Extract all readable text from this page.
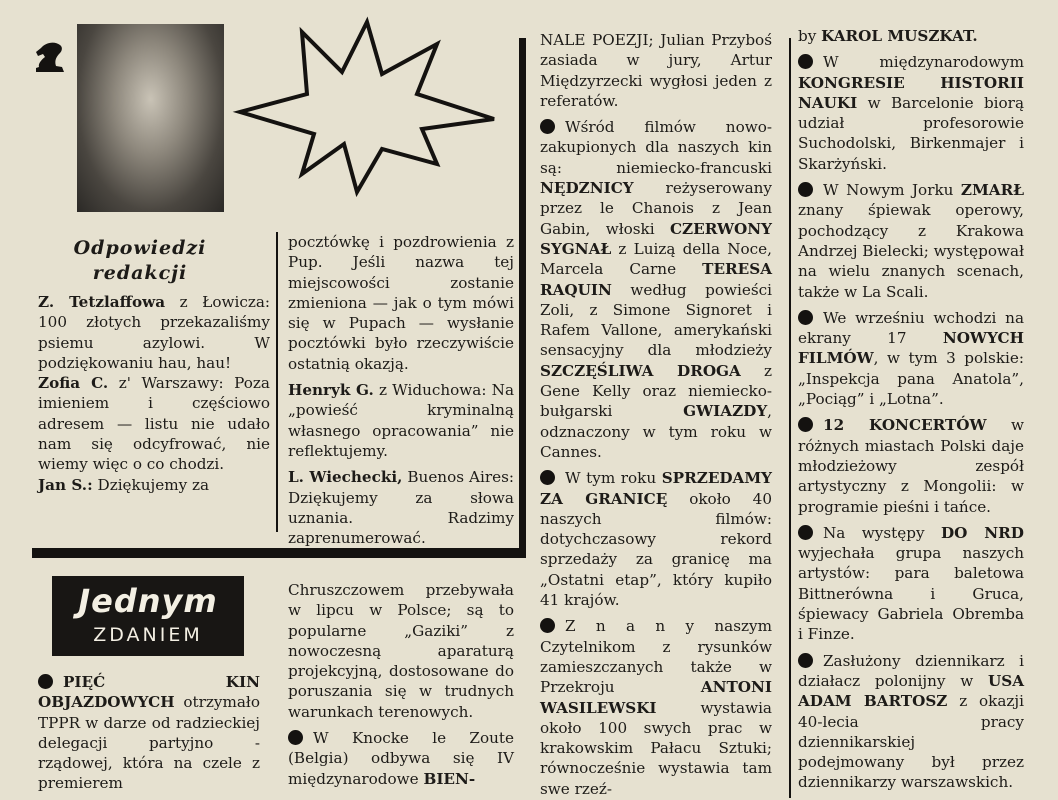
Odpowiedzi
redakcji

Z. Tetzlaffowa z Łowicza: 100 złotych przekazaliśmy psiemu azylowi. W podziękowaniu hau, hau!

Zofia C. z' Warszawy: Poza imieniem i częściowo adresem — listu nie udało nam się odcyfrować, nie wiemy więc o co chodzi.

Jan S.: Dziękujemy za

pocztówkę i pozdrowienia z Pup. Jeśli nazwa tej miejscowości zostanie zmieniona — jak o tym mówi się w Pupach — wysłanie pocztówki było rzeczywiście ostatnią okazją.

Henryk G. z Widuchowa: Na „powieść kryminalną własnego opracowania” nie reflektujemy.

L. Wiechecki, Buenos Aires: Dziękujemy za słowa uznania. Radzimy zaprenumerować.

NALE POEZJI; Julian Przyboś zasiada w jury, Artur Międzyrzecki wygłosi jeden z referatów.

Wśród filmów nowo-zakupionych dla naszych kin są: niemiecko-francuski NĘDZNICY reżyserowany przez le Chanois z Jean Gabin, włoski CZERWONY SYGNAŁ z Luizą della Noce, Marcela Carne TERESA RAQUIN według powieści Zoli, z Simone Signoret i Rafem Vallone, amerykański sensacyjny dla młodzieży SZCZĘŚLIWA DROGA z Gene Kelly oraz niemiecko-bułgarski GWIAZDY, odznaczony w tym roku w Cannes.

W tym roku SPRZEDAMY ZA GRANICĘ około 40 naszych filmów: dotychczasowy rekord sprzedaży za granicę ma „Ostatni etap”, który kupiło 41 krajów.

Z n a n y naszym Czytelnikom z rysunków zamieszczanych także w Przekroju ANTONI WASILEWSKI wystawia około 100 swych prac w krakowskim Pałacu Sztuki; równocześnie wystawia tam swe rzeź-

by KAROL MUSZKAT.

W międzynarodowym KONGRESIE HISTORII NAUKI w Barcelonie biorą udział profesorowie Suchodolski, Birkenmajer i Skarżyński.

W Nowym Jorku ZMARŁ znany śpiewak operowy, pochodzący z Krakowa Andrzej Bielecki; występował na wielu znanych scenach, także w La Scali.

We wrześniu wchodzi na ekrany 17 NOWYCH FILMÓW, w tym 3 polskie: „Inspekcja pana Anatola”, „Pociąg” i „Lotna”.

12 KONCERTÓW w różnych miastach Polski daje młodzieżowy zespół artystyczny z Mongolii: w programie pieśni i tańce.

Na występy DO NRD wyjechała grupa naszych artystów: para baletowa Bittnerówna i Gruca, śpiewacy Gabriela Obremba i Finze.

Zasłużony dziennikarz i działacz polonijny w USA ADAM BARTOSZ z okazji 40-lecia pracy dziennikarskiej podejmowany był przez dziennikarzy warszawskich.

Jednym
ZDANIEM

PIĘĆ KIN OBJAZDOWYCH otrzymało TPPR w darze od radzieckiej delegacji partyjno - rządowej, która na czele z premierem

Chruszczowem przebywała w lipcu w Polsce; są to popularne „Gaziki” z nowoczesną aparaturą projekcyjną, dostosowane do poruszania się w trudnych warunkach terenowych.

W Knocke le Zoute (Belgia) odbywa się IV międzynarodowe BIEN-
